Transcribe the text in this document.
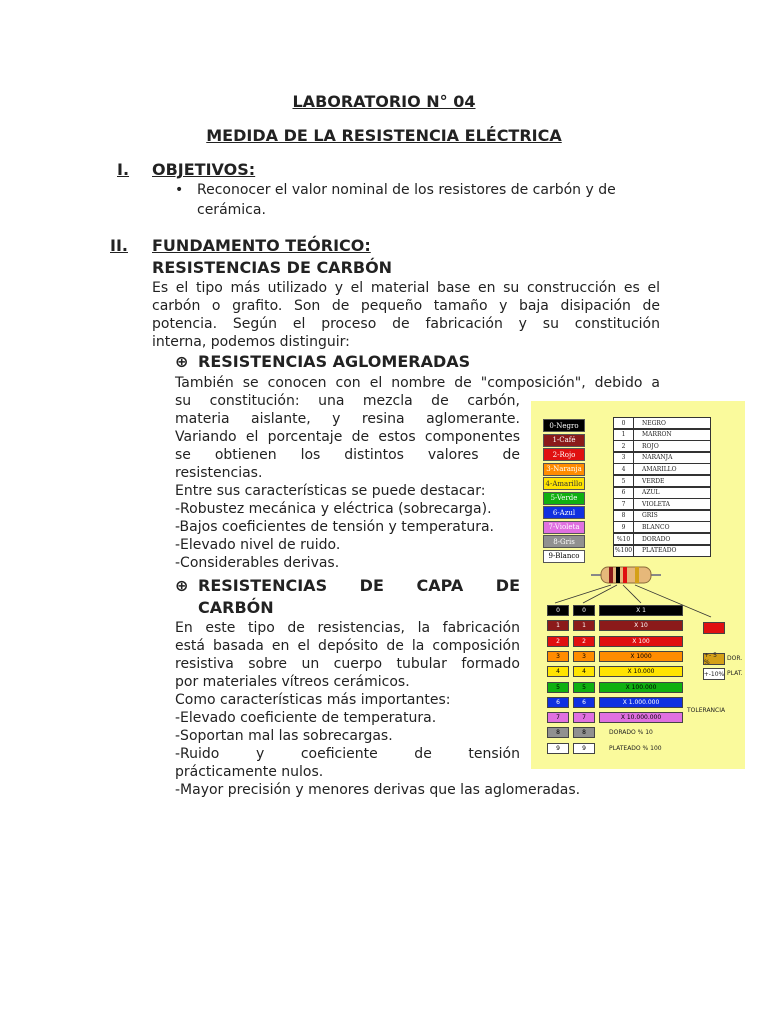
LABORATORIO N° 04
MEDIDA DE LA RESISTENCIA ELÉCTRICA
I. OBJETIVOS:
• Reconocer el valor nominal de los resistores de carbón y de
cerámica.
II. FUNDAMENTO TEÓRICO:
RESISTENCIAS DE CARBÓN
Es el tipo más utilizado y el material base en su construcción es el
carbón o grafito. Son de pequeño tamaño y baja disipación de
potencia. Según el proceso de fabricación y su constitución
interna, podemos distinguir:
⊕ RESISTENCIAS AGLOMERADAS
También se conocen con el nombre de "composición", debido a
su constitución: una mezcla de carbón,
materia aislante, y resina aglomerante.
Variando el porcentaje de estos componentes
se obtienen los distintos valores de
resistencias.
Entre sus características se puede destacar:
-Robustez mecánica y eléctrica (sobrecarga).
-Bajos coeficientes de tensión y temperatura.
-Elevado nivel de ruido.
-Considerables derivas.
⊕ RESISTENCIAS DE CAPA DE
CARBÓN
En este tipo de resistencias, la fabricación
está basada en el depósito de la composición
resistiva sobre un cuerpo tubular formado
por materiales vítreos cerámicos.
Como características más importantes:
-Elevado coeficiente de temperatura.
-Soportan mal las sobrecargas.
-Ruido y coeficiente de tensión
prácticamente nulos.
-Mayor precisión y menores derivas que las aglomeradas.
0-Negro
1-Café
2-Rojo
3-Naranja
4-Amarillo
5-Verde
6-Azul
7-Violeta
8-Gris
9-Blanco
0	NEGRO
1	MARRON
2	ROJO
3	NARANJA
4	AMARILLO
5	VERDE
6	AZUL
7	VIOLETA
8	GRIS
9	BLANCO
%10	DORADO
%100	PLATEADO
0	0	X 1
1	1	X 10
2	2	X 100
3	3	X 1000
4	4	X 10.000
5	5	X 100.000
6	6	X 1.000.000
7	7	X 10.000.000
8	8	DORADO % 10
9	9	PLATEADO % 100
+- 5 %
DOR.
+-10% PLAT.
TOLERANCIA
